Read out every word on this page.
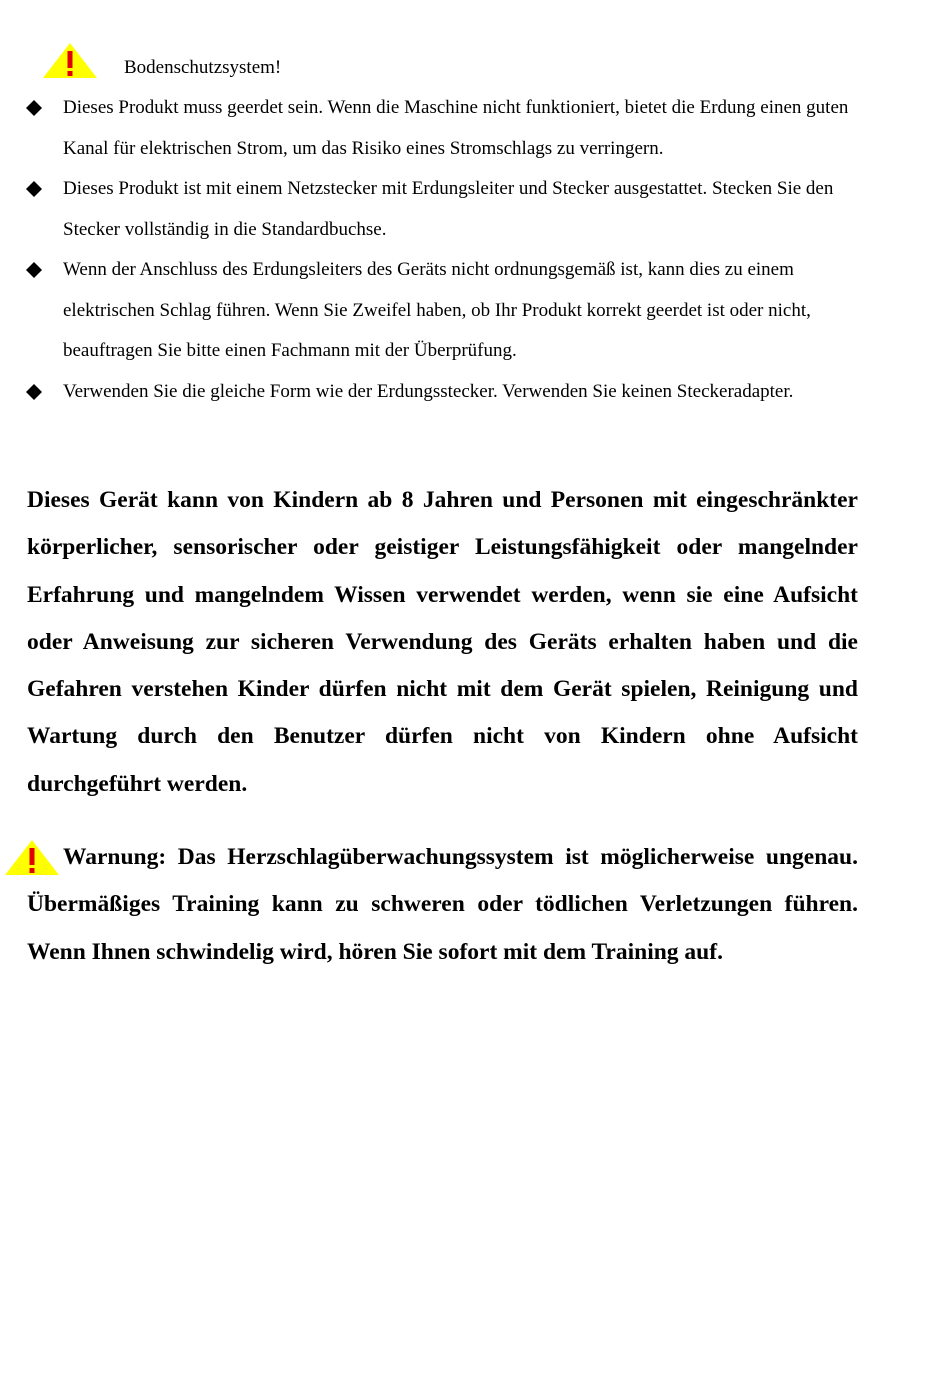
Bodenschutzsystem!
Dieses Produkt muss geerdet sein. Wenn die Maschine nicht funktioniert, bietet die Erdung einen guten Kanal für elektrischen Strom, um das Risiko eines Stromschlags zu verringern.
Dieses Produkt ist mit einem Netzstecker mit Erdungsleiter und Stecker ausgestattet. Stecken Sie den Stecker vollständig in die Standardbuchse.
Wenn der Anschluss des Erdungsleiters des Geräts nicht ordnungsgemäß ist, kann dies zu einem elektrischen Schlag führen. Wenn Sie Zweifel haben, ob Ihr Produkt korrekt geerdet ist oder nicht, beauftragen Sie bitte einen Fachmann mit der Überprüfung.
Verwenden Sie die gleiche Form wie der Erdungsstecker. Verwenden Sie keinen Steckeradapter.

Dieses Gerät kann von Kindern ab 8 Jahren und Personen mit eingeschränkter körperlicher, sensorischer oder geistiger Leistungsfähigkeit oder mangelnder Erfahrung und mangelndem Wissen verwendet werden, wenn sie eine Aufsicht oder Anweisung zur sicheren Verwendung des Geräts erhalten haben und die Gefahren verstehen Kinder dürfen nicht mit dem Gerät spielen, Reinigung und Wartung durch den Benutzer dürfen nicht von Kindern ohne Aufsicht durchgeführt werden.

Warnung: Das Herzschlagüberwachungssystem ist möglicherweise ungenau. Übermäßiges Training kann zu schweren oder tödlichen Verletzungen führen. Wenn Ihnen schwindelig wird, hören Sie sofort mit dem Training auf.
